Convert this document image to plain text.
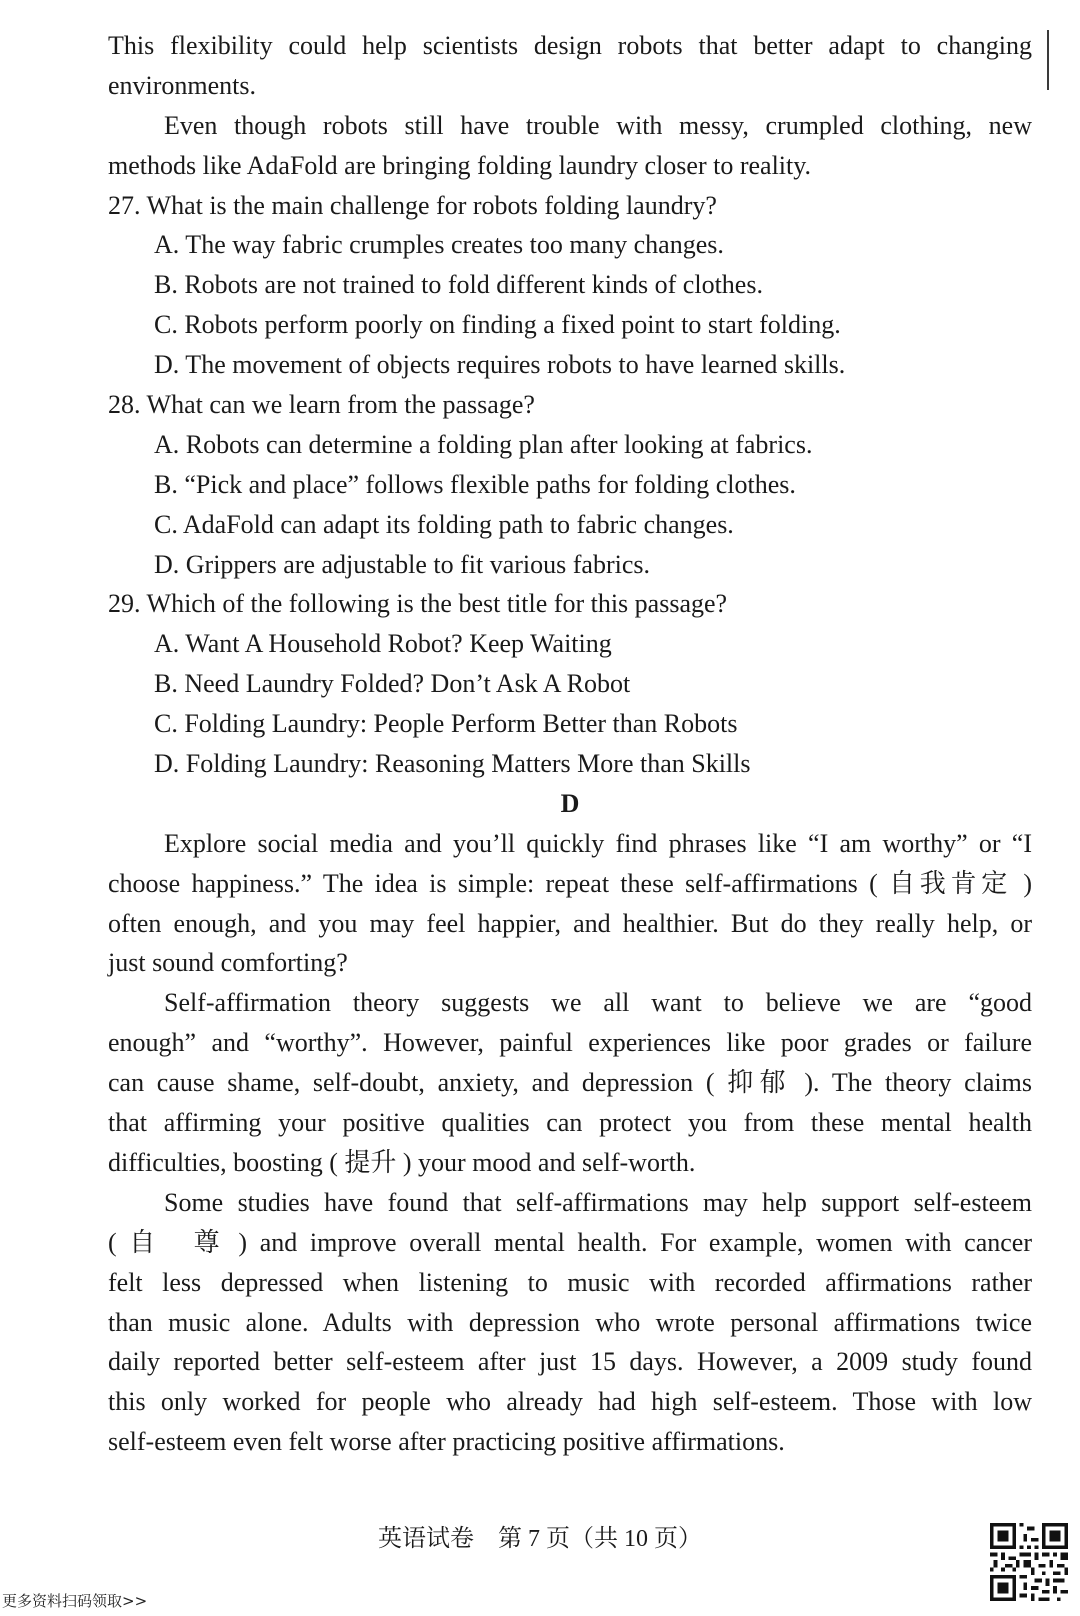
This flexibility could help scientists design robots that better adapt to changing

environments.

Even though robots still have trouble with messy, crumpled clothing, new

methods like AdaFold are bringing folding laundry closer to reality.

27. What is the main challenge for robots folding laundry?

A. The way fabric crumples creates too many changes.

B. Robots are not trained to fold different kinds of clothes.

C. Robots perform poorly on finding a fixed point to start folding.

D. The movement of objects requires robots to have learned skills.

28. What can we learn from the passage?

A. Robots can determine a folding plan after looking at fabrics.

B. “Pick and place” follows flexible paths for folding clothes.

C. AdaFold can adapt its folding path to fabric changes.

D. Grippers are adjustable to fit various fabrics.

29. Which of the following is the best title for this passage?

A. Want A Household Robot? Keep Waiting

B. Need Laundry Folded? Don’t Ask A Robot

C. Folding Laundry: People Perform Better than Robots

D. Folding Laundry: Reasoning Matters More than Skills

D

Explore social media and you’ll quickly find phrases like “I am worthy” or “I

choose happiness.” The idea is simple: repeat these self-affirmations ( 自我肯定 )

often enough, and you may feel happier, and healthier. But do they really help, or

just sound comforting?

Self-affirmation theory suggests we all want to believe we are “good

enough” and “worthy”. However, painful experiences like poor grades or failure

can cause shame, self-doubt, anxiety, and depression ( 抑郁 ). The theory claims

that affirming your positive qualities can protect you from these mental health

difficulties, boosting ( 提升 ) your mood and self-worth.

Some studies have found that self-affirmations may help support self-esteem

( 自　尊 ) and improve overall mental health. For example, women with cancer

felt less depressed when listening to music with recorded affirmations rather

than music alone. Adults with depression who wrote personal affirmations twice

daily reported better self-esteem after just 15 days. However, a 2009 study found

this only worked for people who already had high self-esteem. Those with low

self-esteem even felt worse after practicing positive affirmations.

英语试卷　第 7 页（共 10 页）
更多资料扫码领取>>
